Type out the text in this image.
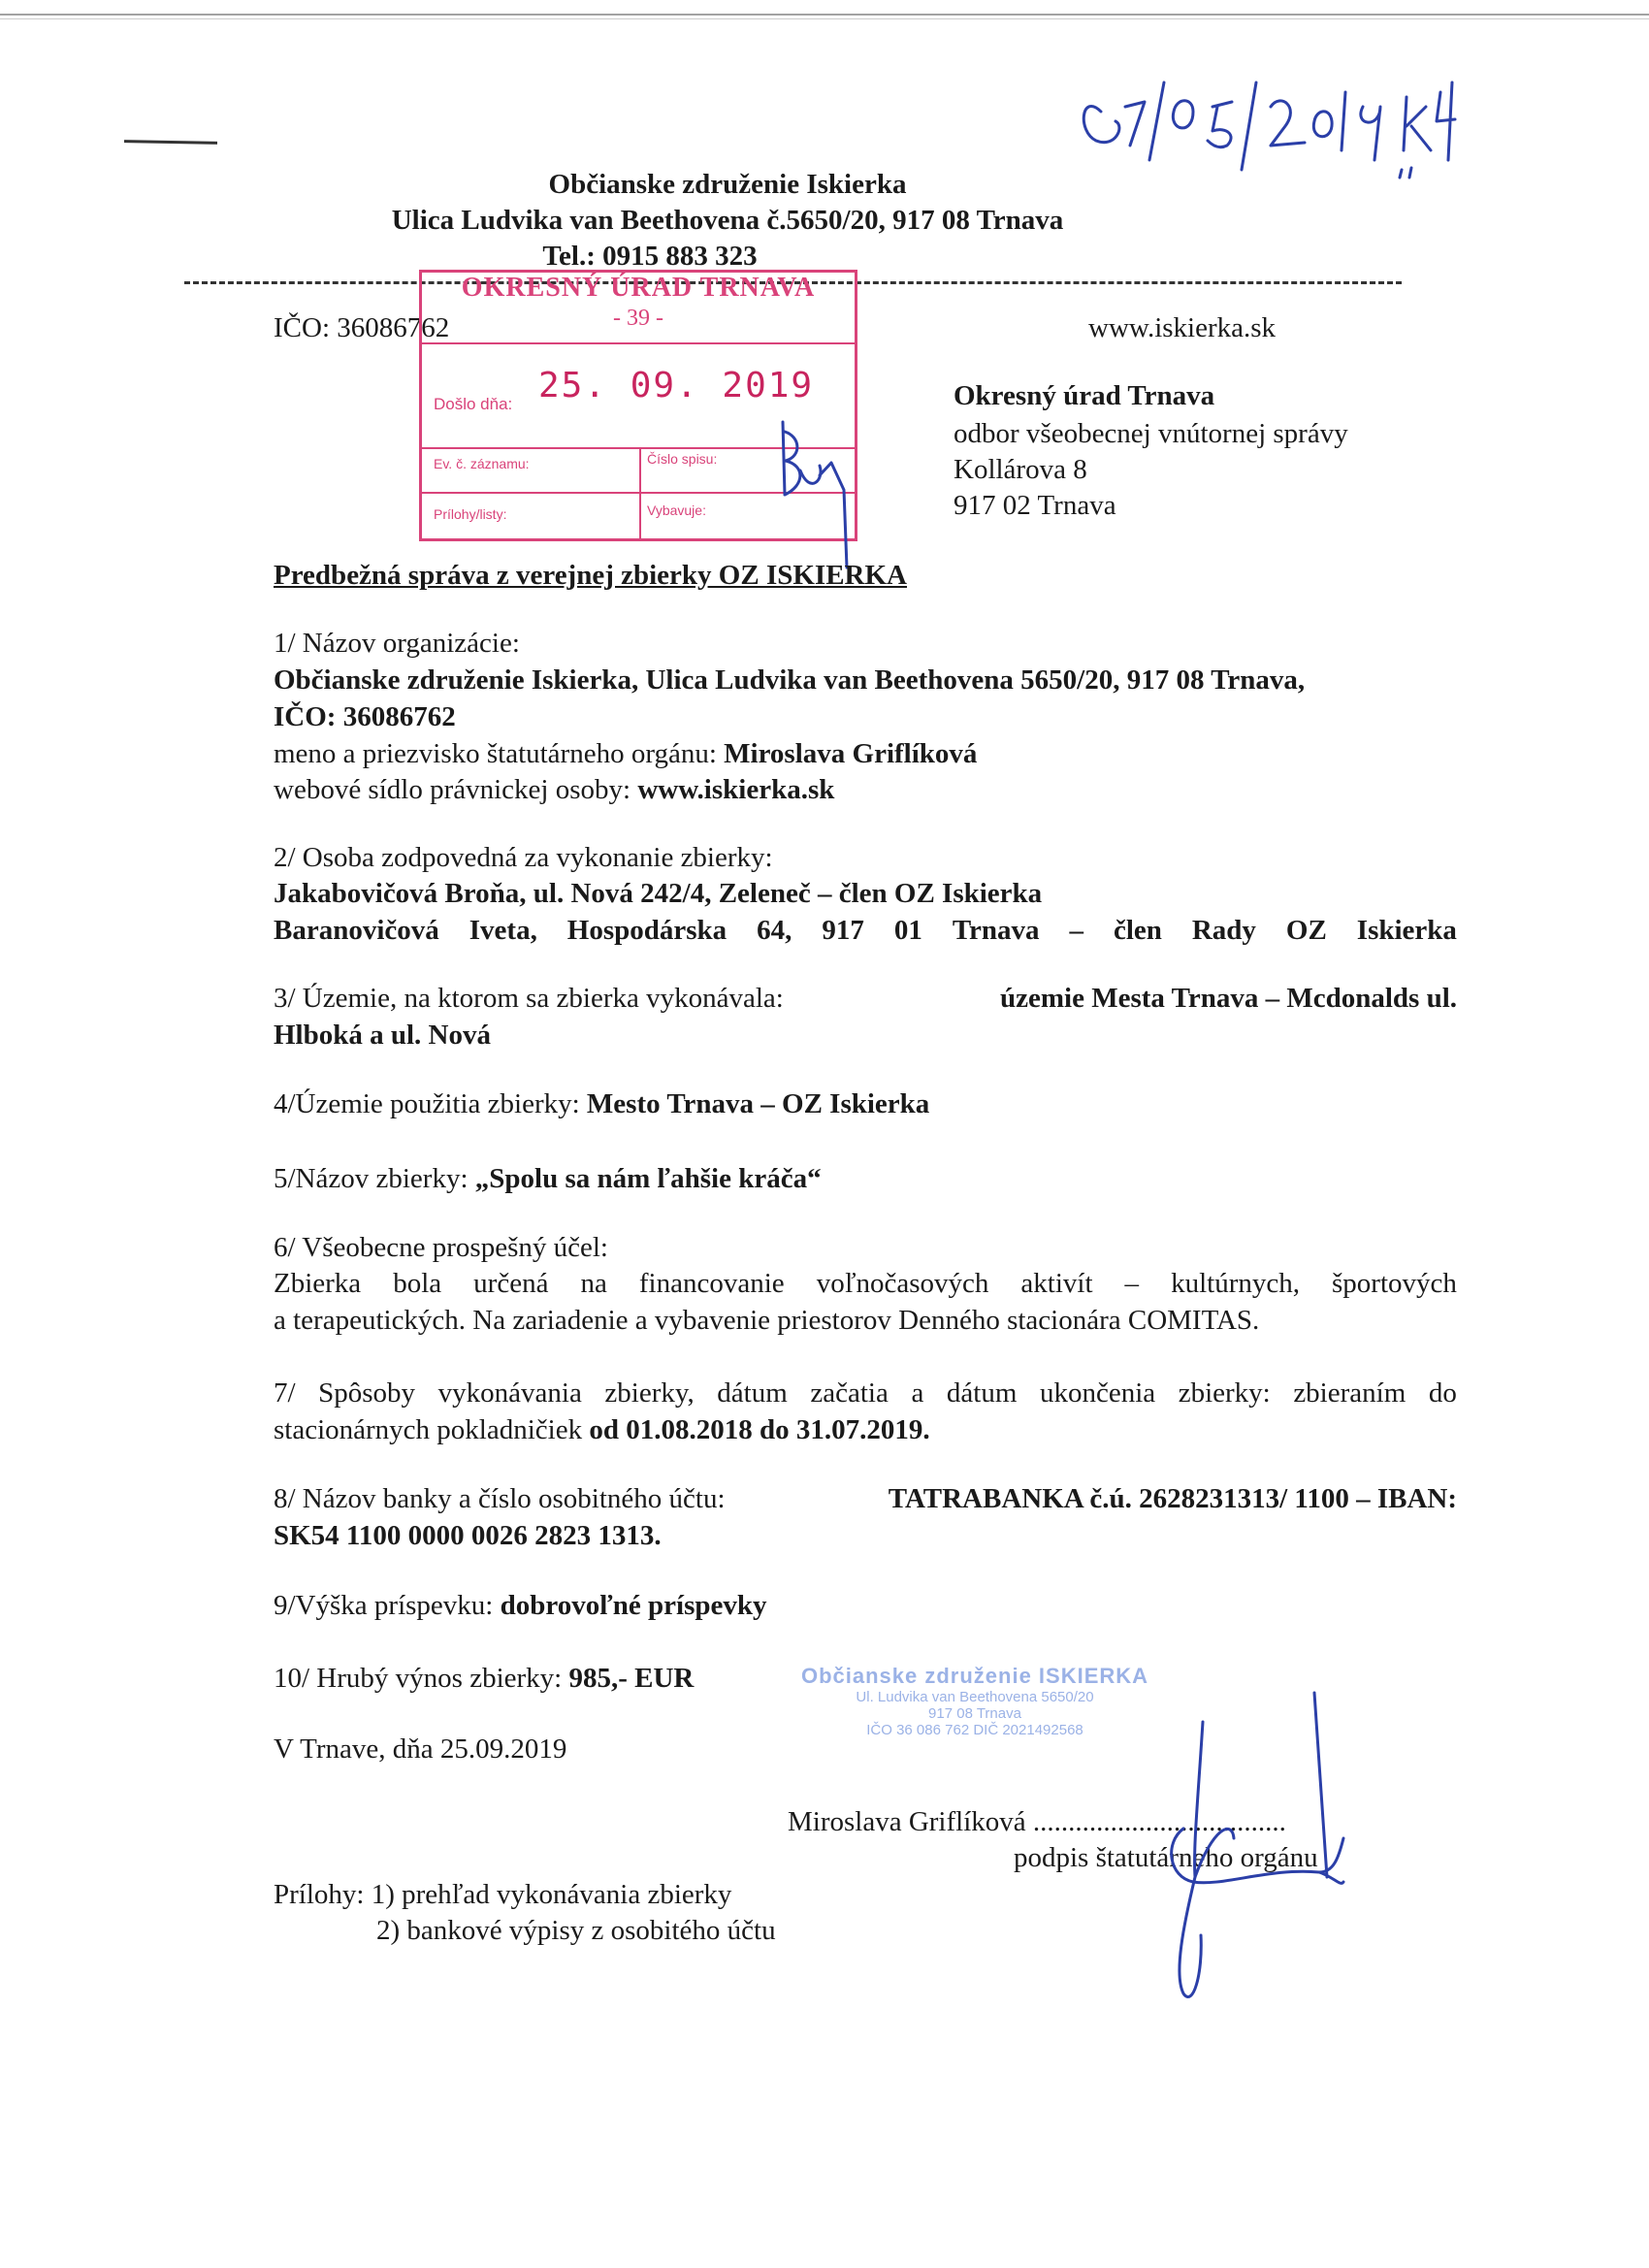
Občianske združenie Iskierka
Ulica Ludvika van Beethovena č.5650/20, 917 08 Trnava
Tel.: 0915 883 323
IČO: 36086762	www.iskierka.sk
OKRESNÝ ÚRAD TRNAVA
- 39 -
Došlo dňa: 25. 09. 2019
Ev. č. záznamu:	Číslo spisu:
Prílohy/listy:	Vybavuje:
Okresný úrad Trnava
odbor všeobecnej vnútornej správy
Kollárova 8
917 02 Trnava
Predbežná správa z verejnej zbierky OZ ISKIERKA
1/ Názov organizácie:
Občianske združenie Iskierka, Ulica Ludvika van Beethovena 5650/20, 917 08 Trnava,
IČO: 36086762
meno a priezvisko štatutárneho orgánu: Miroslava Griflíková
webové sídlo právnickej osoby: www.iskierka.sk
2/ Osoba zodpovedná za vykonanie zbierky:
Jakabovičová Broňa, ul. Nová 242/4, Zeleneč – člen OZ Iskierka
Baranovičová Iveta, Hospodárska 64, 917 01 Trnava – člen Rady OZ Iskierka
3/ Územie, na ktorom sa zbierka vykonávala:	územie Mesta Trnava – Mcdonalds ul.
Hlboká a ul. Nová
4/Územie použitia zbierky: Mesto Trnava – OZ Iskierka
5/Názov zbierky: „Spolu sa nám ľahšie kráča“
6/ Všeobecne prospešný účel:
Zbierka bola určená na financovanie voľnočasových aktivít – kultúrnych, športových
a terapeutických. Na zariadenie a vybavenie priestorov Denného stacionára COMITAS.
7/ Spôsoby vykonávania zbierky, dátum začatia a dátum ukončenia zbierky: zbieraním do
stacionárnych pokladničiek od 01.08.2018 do 31.07.2019.
8/ Názov banky a číslo osobitného účtu:	TATRABANKA č.ú. 2628231313/ 1100 – IBAN:
SK54 1100 0000 0026 2823 1313.
9/Výška príspevku: dobrovoľné príspevky
10/ Hrubý výnos zbierky: 985,- EUR	Občianske združenie ISKIERKA
Ul. Ludvika van Beethovena 5650/20
917 08 Trnava
IČO 36 086 762 DIČ 2021492568
V Trnave, dňa 25.09.2019
Miroslava Griflíková ....................................
podpis štatutárneho orgánu
Prílohy: 1) prehľad vykonávania zbierky
2) bankové výpisy z osobitého účtu
